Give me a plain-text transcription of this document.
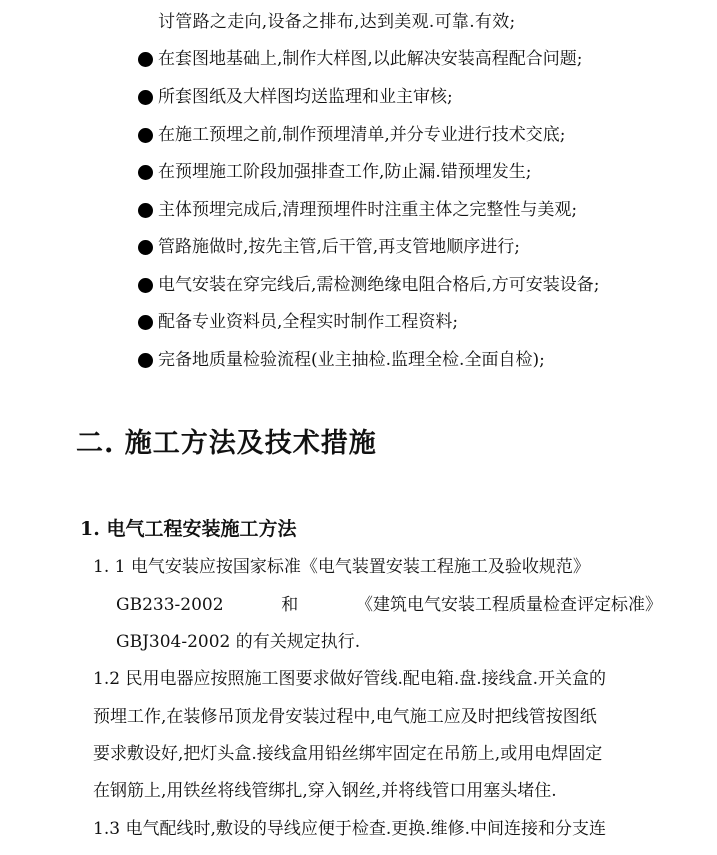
讨管路之走向,设备之排布,达到美观.可靠.有效;
在套图地基础上,制作大样图,以此解决安装高程配合问题;
所套图纸及大样图均送监理和业主审核;
在施工预埋之前,制作预埋清单,并分专业进行技术交底;
在预埋施工阶段加强排查工作,防止漏.错预埋发生;
主体预埋完成后,清理预埋件时注重主体之完整性与美观;
管路施做时,按先主管,后干管,再支管地顺序进行;
电气安装在穿完线后,需检测绝缘电阻合格后,方可安装设备;
配备专业资料员,全程实时制作工程资料;
完备地质量检验流程(业主抽检.监理全检.全面自检);
二. 施工方法及技术措施
1. 电气工程安装施工方法
1. 1 电气安装应按国家标准《电气装置安装工程施工及验收规范》
GB233-2002	和	《建筑电气安装工程质量检查评定标准》
GBJ304-2002 的有关规定执行.
1.2 民用电器应按照施工图要求做好管线.配电箱.盘.接线盒.开关盒的
预埋工作,在装修吊顶龙骨安装过程中,电气施工应及时把线管按图纸
要求敷设好,把灯头盒.接线盒用铅丝绑牢固定在吊筋上,或用电焊固定
在钢筋上,用铁丝将线管绑扎,穿入钢丝,并将线管口用塞头堵住.
1.3 电气配线时,敷设的导线应便于检查.更换.维修.中间连接和分支连
